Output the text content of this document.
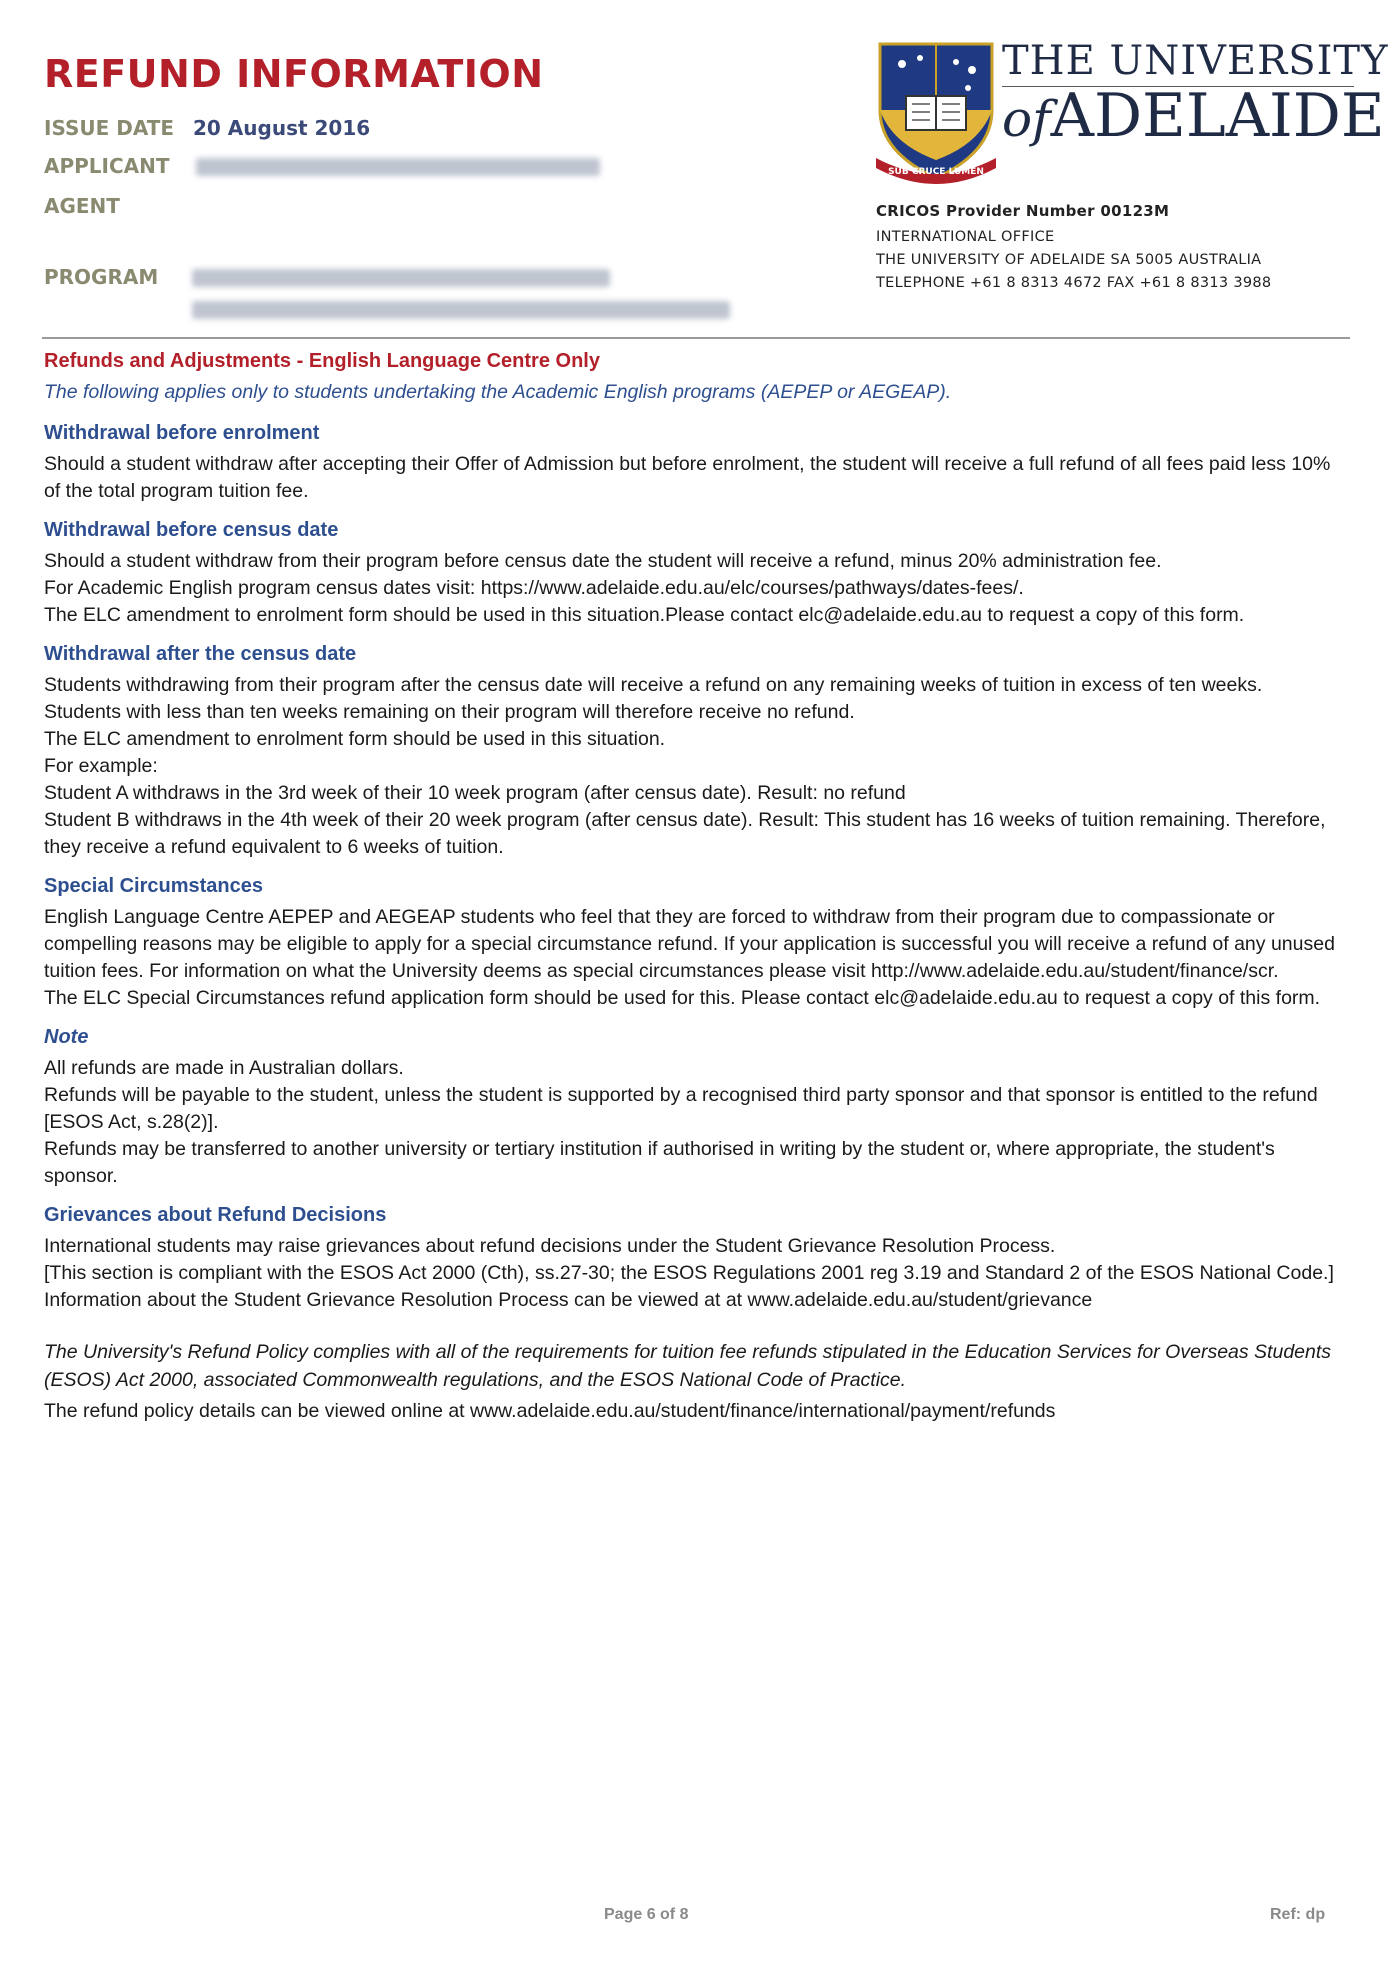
REFUND INFORMATION
ISSUE DATE 20 August 2016
APPLICANT
AGENT
PROGRAM
SUB CRUCE LUMEN
THE UNIVERSITY
ofADELAIDE
CRICOS Provider Number 00123M
INTERNATIONAL OFFICE
THE UNIVERSITY OF ADELAIDE SA 5005 AUSTRALIA
TELEPHONE +61 8 8313 4672 FAX +61 8 8313 3988
Refunds and Adjustments - English Language Centre Only
The following applies only to students undertaking the Academic English programs (AEPEP or AEGEAP).
Withdrawal before enrolment

Should a student withdraw after accepting their Offer of Admission but before enrolment, the student will receive a full refund of all fees paid less 10% of the total program tuition fee.

Withdrawal before census date

Should a student withdraw from their program before census date the student will receive a refund, minus 20% administration fee.

For Academic English program census dates visit: https://www.adelaide.edu.au/elc/courses/pathways/dates-fees/.

The ELC amendment to enrolment form should be used in this situation.Please contact elc@adelaide.edu.au to request a copy of this form.

Withdrawal after the census date

Students withdrawing from their program after the census date will receive a refund on any remaining weeks of tuition in excess of ten weeks. Students with less than ten weeks remaining on their program will therefore receive no refund.

The ELC amendment to enrolment form should be used in this situation.

For example:

Student A withdraws in the 3rd week of their 10 week program (after census date). Result: no refund

Student B withdraws in the 4th week of their 20 week program (after census date). Result: This student has 16 weeks of tuition remaining. Therefore, they receive a refund equivalent to 6 weeks of tuition.

Special Circumstances

English Language Centre AEPEP and AEGEAP students who feel that they are forced to withdraw from their program due to compassionate or compelling reasons may be eligible to apply for a special circumstance refund. If your application is successful you will receive a refund of any unused tuition fees. For information on what the University deems as special circumstances please visit http://www.adelaide.edu.au/student/finance/scr.

The ELC Special Circumstances refund application form should be used for this. Please contact elc@adelaide.edu.au to request a copy of this form.

Note

All refunds are made in Australian dollars.

Refunds will be payable to the student, unless the student is supported by a recognised third party sponsor and that sponsor is entitled to the refund [ESOS Act, s.28(2)].

Refunds may be transferred to another university or tertiary institution if authorised in writing by the student or, where appropriate, the student's sponsor.

Grievances about Refund Decisions

International students may raise grievances about refund decisions under the Student Grievance Resolution Process.

[This section is compliant with the ESOS Act 2000 (Cth), ss.27-30; the ESOS Regulations 2001 reg 3.19 and Standard 2 of the ESOS National Code.]

Information about the Student Grievance Resolution Process can be viewed at at www.adelaide.edu.au/student/grievance

The University's Refund Policy complies with all of the requirements for tuition fee refunds stipulated in the Education Services for Overseas Students (ESOS) Act 2000, associated Commonwealth regulations, and the ESOS National Code of Practice.

The refund policy details can be viewed online at www.adelaide.edu.au/student/finance/international/payment/refunds

Page 6 of 8	Ref: dp
